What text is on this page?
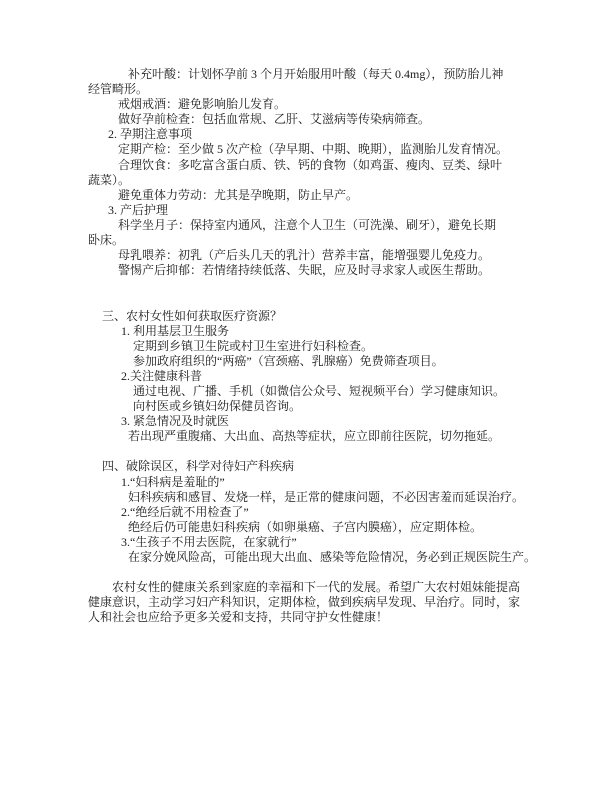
补充叶酸：计划怀孕前 3 个月开始服用叶酸（每天 0.4mg），预防胎儿神
经管畸形。
戒烟戒酒：避免影响胎儿发育。
做好孕前检查：包括血常规、乙肝、艾滋病等传染病筛查。
2. 孕期注意事项
定期产检：至少做 5 次产检（孕早期、中期、晚期），监测胎儿发育情况。
合理饮食：多吃富含蛋白质、铁、钙的食物（如鸡蛋、瘦肉、豆类、绿叶
蔬菜）。
避免重体力劳动：尤其是孕晚期，防止早产。
3. 产后护理
科学坐月子：保持室内通风，注意个人卫生（可洗澡、刷牙），避免长期
卧床。
母乳喂养：初乳（产后头几天的乳汁）营养丰富，能增强婴儿免疫力。
警惕产后抑郁：若情绪持续低落、失眠，应及时寻求家人或医生帮助。
三、农村女性如何获取医疗资源？
1. 利用基层卫生服务
定期到乡镇卫生院或村卫生室进行妇科检查。
参加政府组织的“两癌”（宫颈癌、乳腺癌）免费筛查项目。
2.关注健康科普
通过电视、广播、手机（如微信公众号、短视频平台）学习健康知识。
向村医或乡镇妇幼保健员咨询。
3. 紧急情况及时就医
若出现严重腹痛、大出血、高热等症状，应立即前往医院，切勿拖延。
四、破除误区，科学对待妇产科疾病
1.“妇科病是羞耻的”
妇科疾病和感冒、发烧一样，是正常的健康问题，不必因害羞而延误治疗。
2.“绝经后就不用检查了”
绝经后仍可能患妇科疾病（如卵巢癌、子宫内膜癌），应定期体检。
3.“生孩子不用去医院，在家就行”
在家分娩风险高，可能出现大出血、感染等危险情况，务必到正规医院生产。
农村女性的健康关系到家庭的幸福和下一代的发展。希望广大农村姐妹能提高
健康意识，主动学习妇产科知识，定期体检，做到疾病早发现、早治疗。同时，家
人和社会也应给予更多关爱和支持，共同守护女性健康！
